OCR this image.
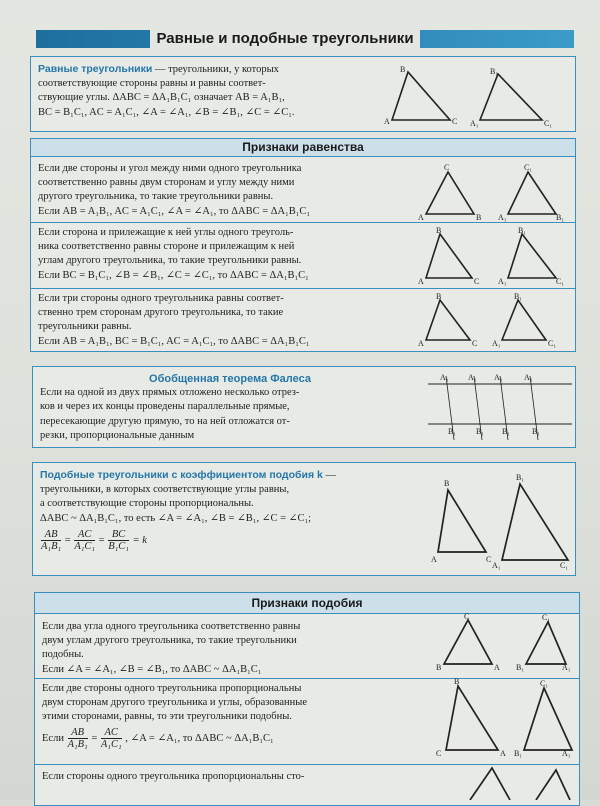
Равные и подобные треугольники
Равные треугольники — треугольники, у которых
соответствующие стороны равны и равны соответ-
ствующие углы. ΔABC = ΔA₁B₁C₁ означает AB = A₁B₁,
BC = B₁C₁, AC = A₁C₁, ∠A = ∠A₁, ∠B = ∠B₁, ∠C = ∠C₁.
B
A	C
B₁
A₁	C₁
Признаки равенства
Если две стороны и угол между ними одного треугольника
соответственно равны двум сторонам и углу между ними
другого треугольника, то такие треугольники равны.
Если AB = A₁B₁, AC = A₁C₁, ∠A = ∠A₁, то ΔABC = ΔA₁B₁C₁
C
A	B
C₁
A₁	B₁
Если сторона и прилежащие к ней углы одного треуголь-
ника соответственно равны стороне и прилежащим к ней
углам другого треугольника, то такие треугольники равны.
Если BC = B₁C₁, ∠B = ∠B₁, ∠C = ∠C₁, то ΔABC = ΔA₁B₁C₁
B
A	C
B₁
A₁	C₁
Если три стороны одного треугольника равны соответ-
ственно трем сторонам другого треугольника, то такие
треугольники равны.
Если AB = A₁B₁, BC = B₁C₁, AC = A₁C₁, то ΔABC = ΔA₁B₁C₁
B
A	C
B₁
A₁	C₁
Обобщенная теорема Фалеса
Если на одной из двух прямых отложено несколько отрез-
ков и через их концы проведены параллельные прямые,
пересекающие другую прямую, то на ней отложатся от-
резки, пропорциональные данным
A₁ A₁ A₁	A₁
B₁ B₁ B₁	B₁
Подобные треугольники с коэффициентом подобия k —
треугольники, в которых соответствующие углы равны,
а соответствующие стороны пропорциональны.
ΔABC ~ ΔA₁B₁C₁, то есть ∠A = ∠A₁, ∠B = ∠B₁, ∠C = ∠C₁;
$\frac{AB}{\text{A₁B₁}} = \frac{AC}{\text{A₁C₁}} = \frac{BC}{\text{B₁C₁}} = k$
B
A	C
B₁
A₁	C₁
Признаки подобия
Если два угла одного треугольника соответственно равны
двум углам другого треугольника, то такие треугольники
подобны.
Если ∠A = ∠A₁, ∠B = ∠B₁, то ΔABC ~ ΔA₁B₁C₁
C
B	A
C₁
B₁	A₁
Если две стороны одного треугольника пропорциональны
двум сторонам другого треугольника и углы, образованные
этими сторонами, равны, то эти треугольники подобны.
Если $\frac{AB}{\text{A₁B₁}} = \frac{AC}{\text{A₁C₁}}$ , ∠A = ∠A₁, то ΔABC ~ ΔA₁B₁C₁
B
C	A
C₁
B₁	A₁
Если стороны одного треугольника пропорциональны сто-
